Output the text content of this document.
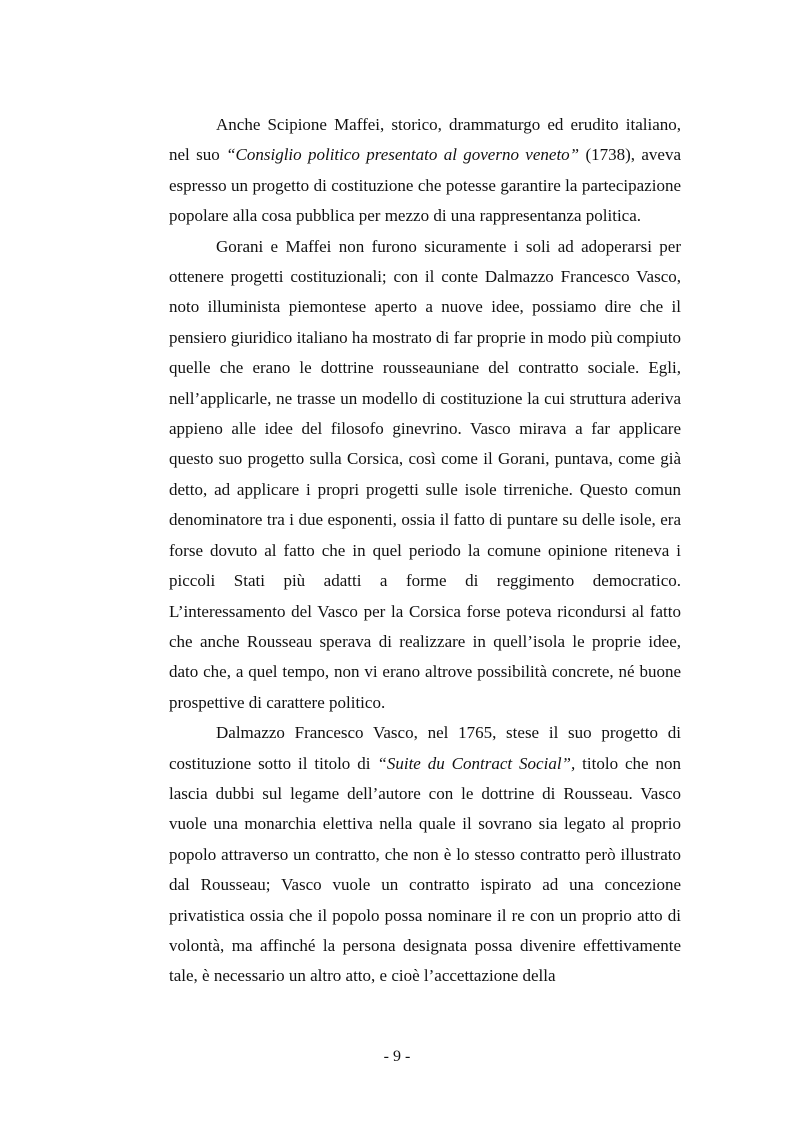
Anche Scipione Maffei, storico, drammaturgo ed erudito italiano, nel suo “Consiglio politico presentato al governo veneto” (1738), aveva espresso un progetto di costituzione che potesse garantire la partecipazione popolare alla cosa pubblica per mezzo di una rappresentanza politica.

Gorani e Maffei non furono sicuramente i soli ad adoperarsi per ottenere progetti costituzionali; con il conte Dalmazzo Francesco Vasco, noto illuminista piemontese aperto a nuove idee, possiamo dire che il pensiero giuridico italiano ha mostrato di far proprie in modo più compiuto quelle che erano le dottrine rousseauniane del contratto sociale. Egli, nell’applicarle, ne trasse un modello di costituzione la cui struttura aderiva appieno alle idee del filosofo ginevrino. Vasco mirava a far applicare questo suo progetto sulla Corsica, così come il Gorani, puntava, come già detto, ad applicare i propri progetti sulle isole tirreniche. Questo comun denominatore tra i due esponenti, ossia il fatto di puntare su delle isole, era forse dovuto al fatto che in quel periodo la comune opinione riteneva i piccoli Stati più adatti a forme di reggimento democratico. L’interessamento del Vasco per la Corsica forse poteva ricondursi al fatto che anche Rousseau sperava di realizzare in quell’isola le proprie idee, dato che, a quel tempo, non vi erano altrove possibilità concrete, né buone prospettive di carattere politico.

Dalmazzo Francesco Vasco, nel 1765, stese il suo progetto di costituzione sotto il titolo di “Suite du Contract Social”, titolo che non lascia dubbi sul legame dell’autore con le dottrine di Rousseau. Vasco vuole una monarchia elettiva nella quale il sovrano sia legato al proprio popolo attraverso un contratto, che non è lo stesso contratto però illustrato dal Rousseau; Vasco vuole un contratto ispirato ad una concezione privatistica ossia che il popolo possa nominare il re con un proprio atto di volontà, ma affinché la persona designata possa divenire effettivamente tale, è necessario un altro atto, e cioè l’accettazione della

- 9 -
